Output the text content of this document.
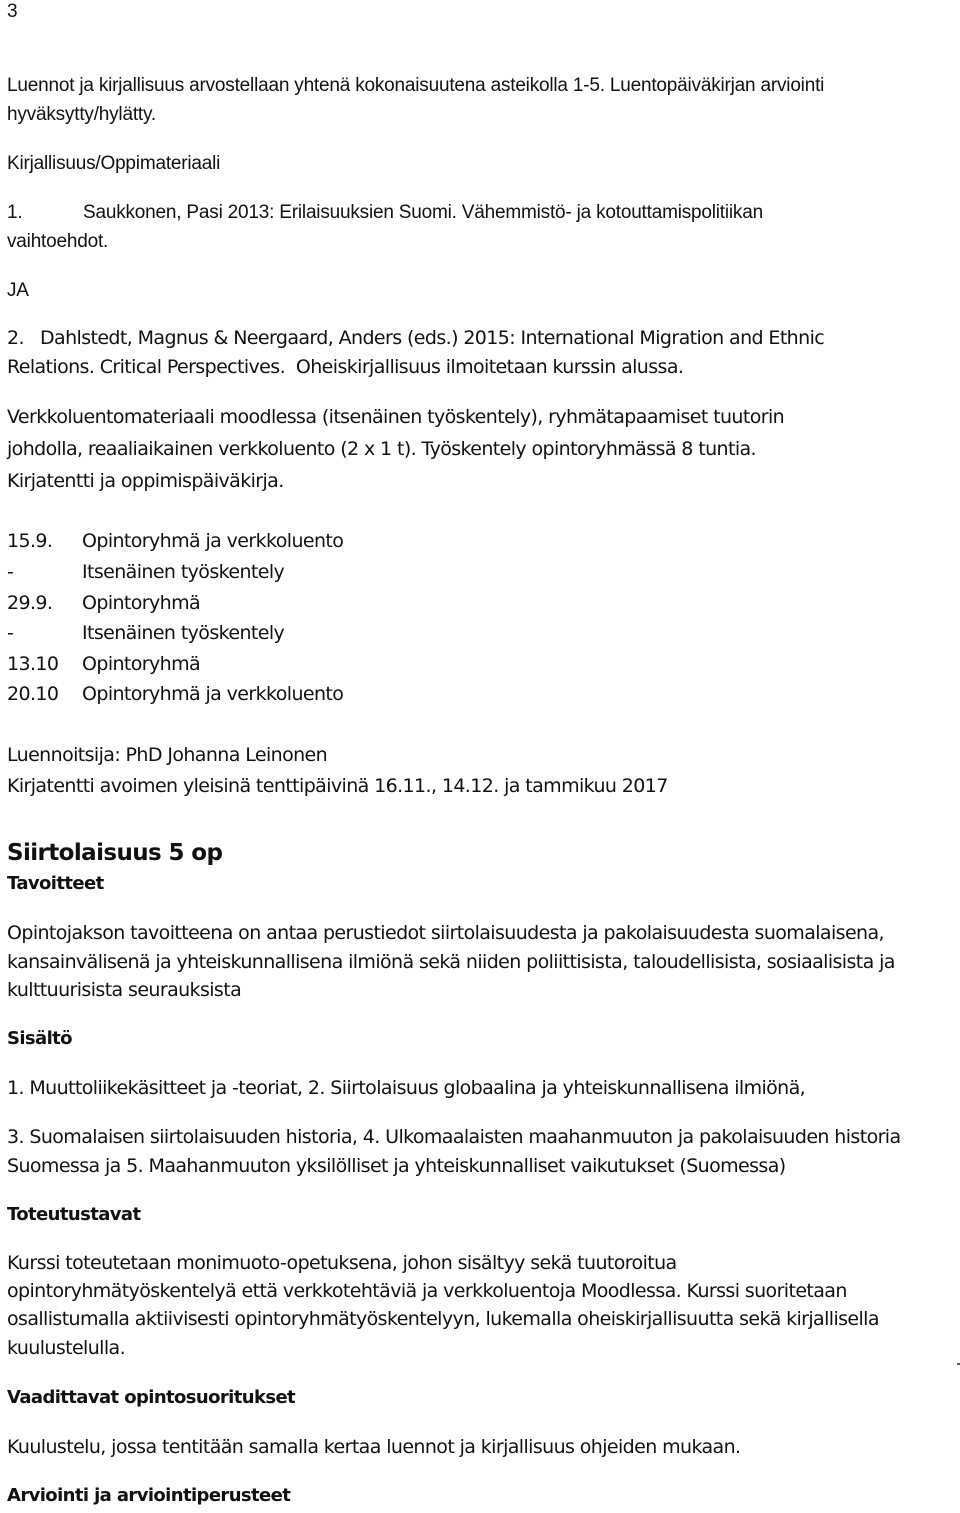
3
Luennot ja kirjallisuus arvostellaan yhtenä kokonaisuutena asteikolla 1-5. Luentopäiväkirjan arviointi
hyväksytty/hylätty.
Kirjallisuus/Oppimateriaali
1.	Saukkonen, Pasi 2013: Erilaisuuksien Suomi. Vähemmistö- ja kotouttamispolitiikan
vaihtoehdot.
JA
2. Dahlstedt, Magnus & Neergaard, Anders (eds.) 2015: International Migration and Ethnic
Relations. Critical Perspectives.  Oheiskirjallisuus ilmoitetaan kurssin alussa.
Verkkoluentomateriaali moodlessa (itsenäinen työskentely), ryhmätapaamiset tuutorin
johdolla, reaaliaikainen verkkoluento (2 x 1 t). Työskentely opintoryhmässä 8 tuntia.
Kirjatentti ja oppimispäiväkirja.
15.9. Opintoryhmä ja verkkoluento
-	Itsenäinen työskentely
29.9. Opintoryhmä
-	Itsenäinen työskentely
13.10 Opintoryhmä
20.10 Opintoryhmä ja verkkoluento
Luennoitsija: PhD Johanna Leinonen
Kirjatentti avoimen yleisinä tenttipäivinä 16.11., 14.12. ja tammikuu 2017
Siirtolaisuus 5 op
Tavoitteet
Opintojakson tavoitteena on antaa perustiedot siirtolaisuudesta ja pakolaisuudesta suomalaisena,
kansainvälisenä ja yhteiskunnallisena ilmiönä sekä niiden poliittisista, taloudellisista, sosiaalisista ja
kulttuurisista seurauksista
Sisältö
1. Muuttoliikekäsitteet ja -teoriat, 2. Siirtolaisuus globaalina ja yhteiskunnallisena ilmiönä,
3. Suomalaisen siirtolaisuuden historia, 4. Ulkomaalaisten maahanmuuton ja pakolaisuuden historia
Suomessa ja 5. Maahanmuuton yksilölliset ja yhteiskunnalliset vaikutukset (Suomessa)
Toteutustavat
Kurssi toteutetaan monimuoto-opetuksena, johon sisältyy sekä tuutoroitua
opintoryhmätyöskentelyä että verkkotehtäviä ja verkkoluentoja Moodlessa. Kurssi suoritetaan
osallistumalla aktiivisesti opintoryhmätyöskentelyyn, lukemalla oheiskirjallisuutta sekä kirjallisella
kuulustelulla.
Vaadittavat opintosuoritukset
Kuulustelu, jossa tentitään samalla kertaa luennot ja kirjallisuus ohjeiden mukaan.
Arviointi ja arviointiperusteet
